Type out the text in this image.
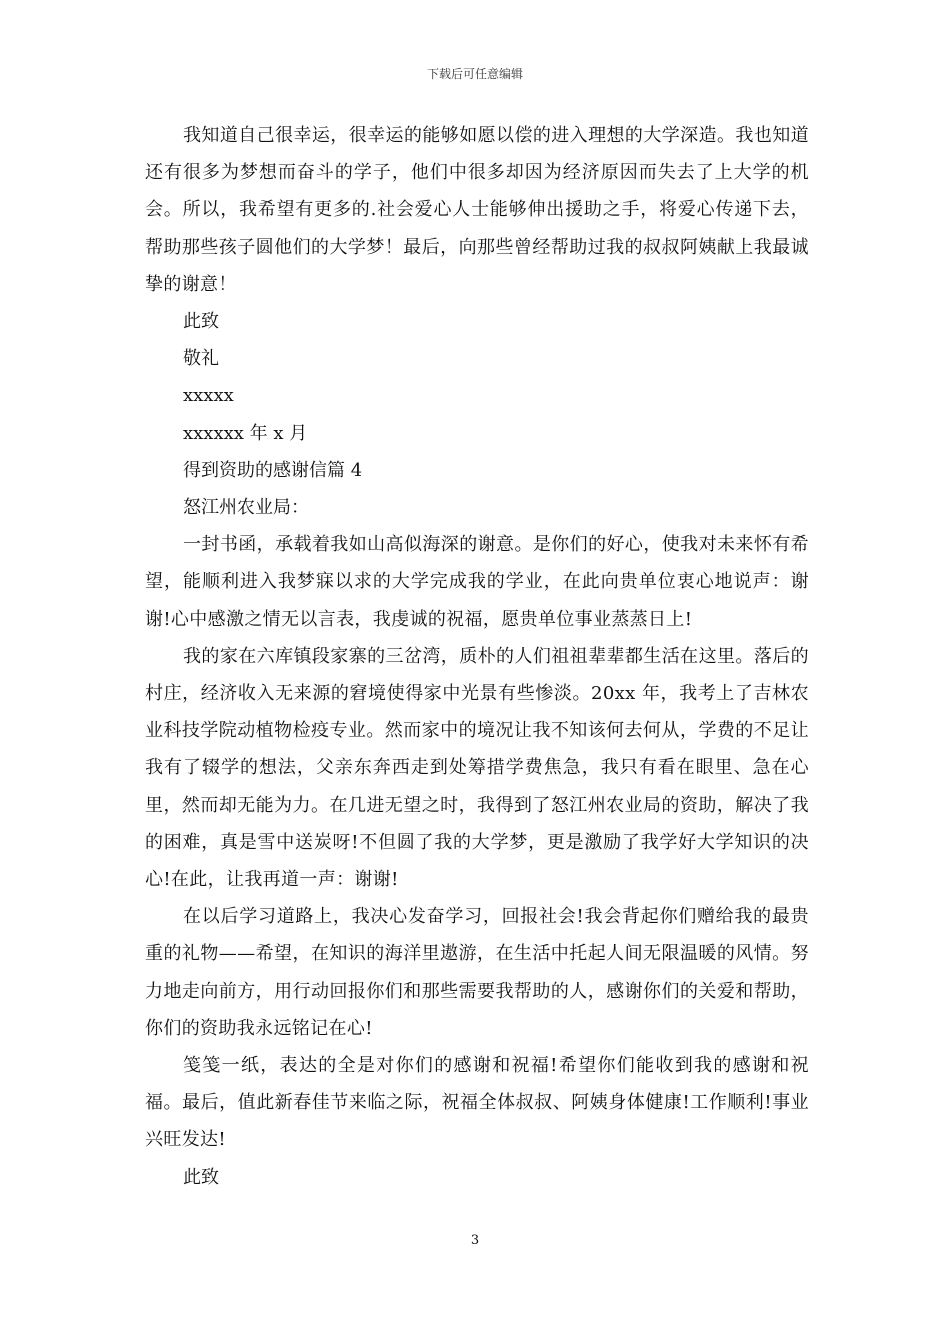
下载后可任意编辑

我知道自己很幸运，很幸运的能够如愿以偿的进入理想的大学深造。我也知道还有很多为梦想而奋斗的学子，他们中很多却因为经济原因而失去了上大学的机会。所以，我希望有更多的.社会爱心人士能够伸出援助之手，将爱心传递下去，帮助那些孩子圆他们的大学梦！最后，向那些曾经帮助过我的叔叔阿姨献上我最诚挚的谢意！

此致

敬礼

xxxxx

xxxxxx 年 x 月

得到资助的感谢信篇 4

怒江州农业局：

一封书函，承载着我如山高似海深的谢意。是你们的好心，使我对未来怀有希望，能顺利进入我梦寐以求的大学完成我的学业，在此向贵单位衷心地说声：谢谢!心中感激之情无以言表，我虔诚的祝福，愿贵单位事业蒸蒸日上!

我的家在六库镇段家寨的三岔湾，质朴的人们祖祖辈辈都生活在这里。落后的村庄，经济收入无来源的窘境使得家中光景有些惨淡。20xx 年，我考上了吉林农业科技学院动植物检疫专业。然而家中的境况让我不知该何去何从，学费的不足让我有了辍学的想法，父亲东奔西走到处筹措学费焦急，我只有看在眼里、急在心里，然而却无能为力。在几进无望之时，我得到了怒江州农业局的资助，解决了我的困难，真是雪中送炭呀!不但圆了我的大学梦，更是激励了我学好大学知识的决心!在此，让我再道一声：谢谢!

在以后学习道路上，我决心发奋学习，回报社会!我会背起你们赠给我的最贵重的礼物——希望，在知识的海洋里遨游，在生活中托起人间无限温暖的风情。努力地走向前方，用行动回报你们和那些需要我帮助的人，感谢你们的关爱和帮助，你们的资助我永远铭记在心!

笺笺一纸，表达的全是对你们的感谢和祝福!希望你们能收到我的感谢和祝福。最后，值此新春佳节来临之际，祝福全体叔叔、阿姨身体健康!工作顺利!事业兴旺发达!

此致

3
